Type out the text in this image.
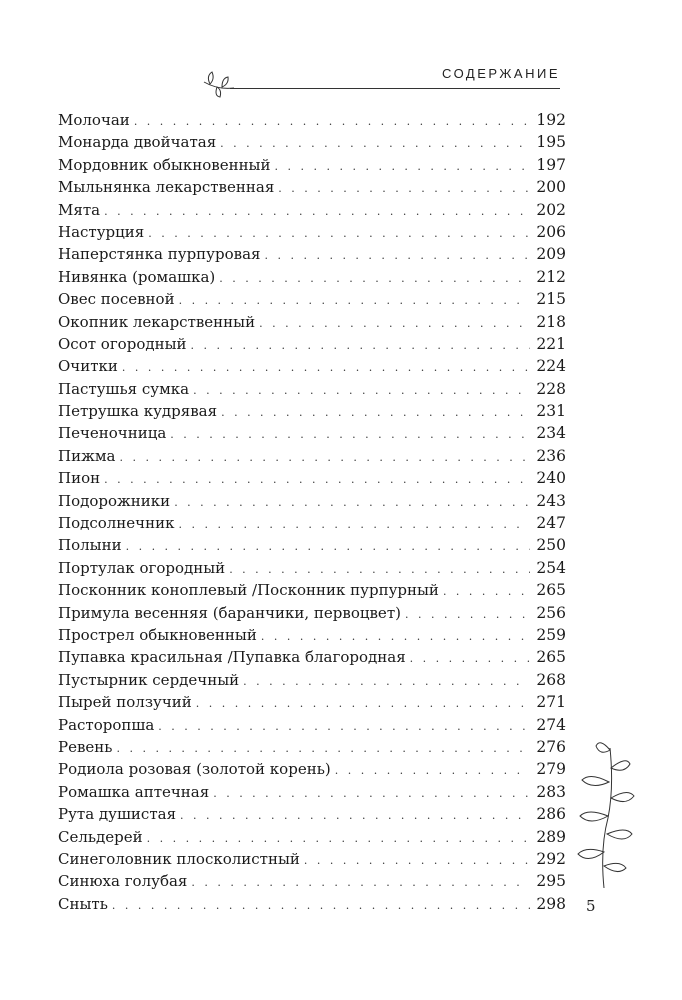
СОДЕРЖАНИЕ
Молочаи . . .	192
Монарда двойчатая . . .	195
Мордовник обыкновенный . . .	197
Мыльнянка лекарственная . . .	200
Мята . . .	202
Настурция . . .	206
Наперстянка пурпуровая . . .	209
Нивянка (ромашка) . . .	212
Овес посевной . . .	215
Окопник лекарственный . . .	218
Осот огородный . . .	221
Очитки . . .	224
Пастушья сумка . . .	228
Петрушка кудрявая . . .	231
Печеночница . . .	234
Пижма . . .	236
Пион . . .	240
Подорожники . . .	243
Подсолнечник . . .	247
Полыни . . .	250
Портулак огородный . . .	254
Посконник коноплевый /Посконник пурпурный . . .	265
Примула весенняя (баранчики, первоцвет) . . .	256
Прострел обыкновенный . . .	259
Пупавка красильная /Пупавка благородная . . .	265
Пустырник сердечный . . .	268
Пырей ползучий . . .	271
Расторопша . . .	274
Ревень . . .	276
Родиола розовая (золотой корень) . . .	279
Ромашка аптечная . . .	283
Рута душистая . . .	286
Сельдерей . . .	289
Синеголовник плосколистный . . .	292
Синюха голубая . . .	295
Сныть . . .	298 5
